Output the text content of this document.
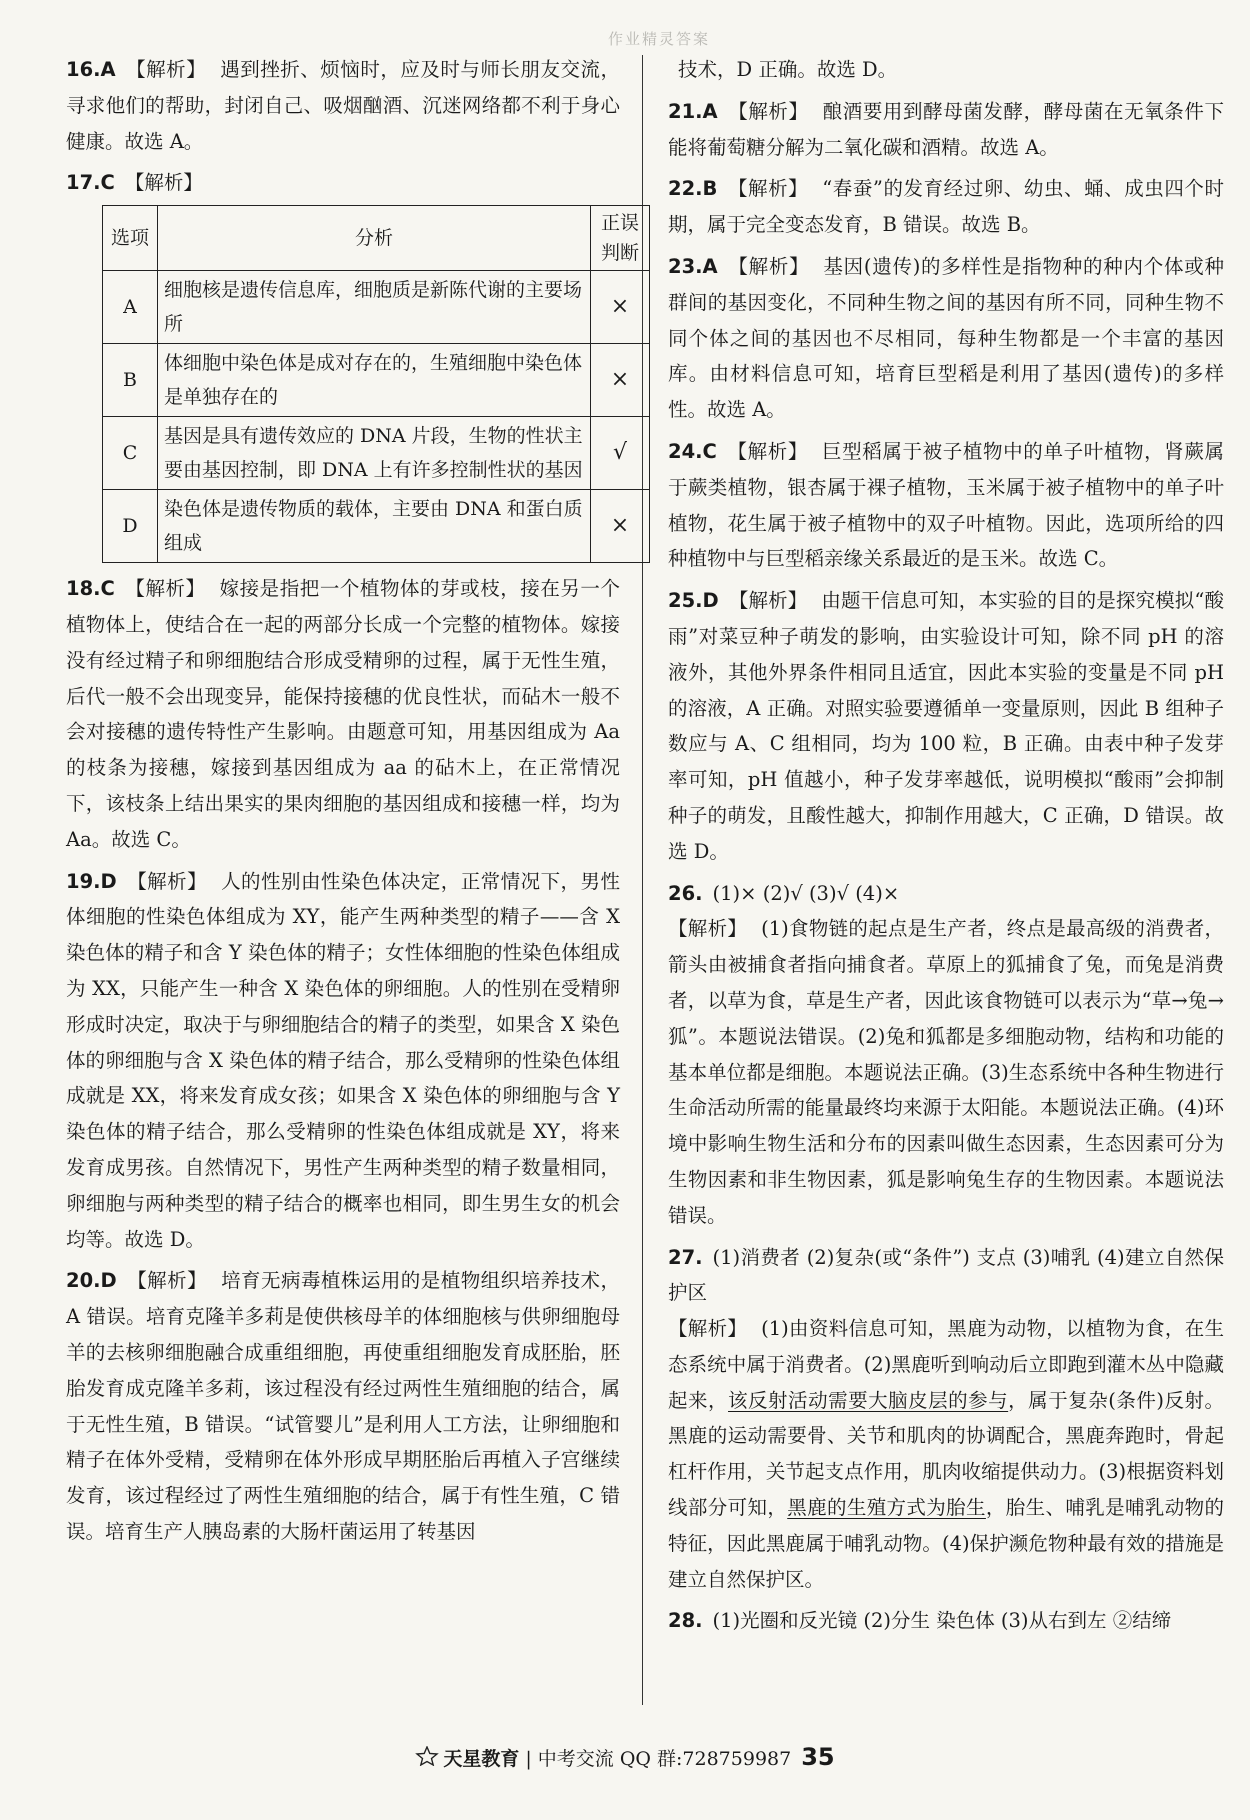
作业精灵答案

16.A 【解析】 遇到挫折、烦恼时，应及时与师长朋友交流，寻求他们的帮助，封闭自己、吸烟酗酒、沉迷网络都不利于身心健康。故选 A。

17.C 【解析】

选项	分析	正误判断
A	细胞核是遗传信息库，细胞质是新陈代谢的主要场所	×
B	体细胞中染色体是成对存在的，生殖细胞中染色体是单独存在的	×
C	基因是具有遗传效应的 DNA 片段，生物的性状主要由基因控制，即 DNA 上有许多控制性状的基因	√
D	染色体是遗传物质的载体，主要由 DNA 和蛋白质组成	×

18.C 【解析】 嫁接是指把一个植物体的芽或枝，接在另一个植物体上，使结合在一起的两部分长成一个完整的植物体。嫁接没有经过精子和卵细胞结合形成受精卵的过程，属于无性生殖，后代一般不会出现变异，能保持接穗的优良性状，而砧木一般不会对接穗的遗传特性产生影响。由题意可知，用基因组成为 Aa 的枝条为接穗，嫁接到基因组成为 aa 的砧木上，在正常情况下，该枝条上结出果实的果肉细胞的基因组成和接穗一样，均为 Aa。故选 C。

19.D 【解析】 人的性别由性染色体决定，正常情况下，男性体细胞的性染色体组成为 XY，能产生两种类型的精子——含 X 染色体的精子和含 Y 染色体的精子；女性体细胞的性染色体组成为 XX，只能产生一种含 X 染色体的卵细胞。人的性别在受精卵形成时决定，取决于与卵细胞结合的精子的类型，如果含 X 染色体的卵细胞与含 X 染色体的精子结合，那么受精卵的性染色体组成就是 XX，将来发育成女孩；如果含 X 染色体的卵细胞与含 Y 染色体的精子结合，那么受精卵的性染色体组成就是 XY，将来发育成男孩。自然情况下，男性产生两种类型的精子数量相同，卵细胞与两种类型的精子结合的概率也相同，即生男生女的机会均等。故选 D。

20.D 【解析】 培育无病毒植株运用的是植物组织培养技术，A 错误。培育克隆羊多莉是使供核母羊的体细胞核与供卵细胞母羊的去核卵细胞融合成重组细胞，再使重组细胞发育成胚胎，胚胎发育成克隆羊多莉，该过程没有经过两性生殖细胞的结合，属于无性生殖，B 错误。“试管婴儿”是利用人工方法，让卵细胞和精子在体外受精，受精卵在体外形成早期胚胎后再植入子宫继续发育，该过程经过了两性生殖细胞的结合，属于有性生殖，C 错误。培育生产人胰岛素的大肠杆菌运用了转基因

技术，D 正确。故选 D。

21.A 【解析】 酿酒要用到酵母菌发酵，酵母菌在无氧条件下能将葡萄糖分解为二氧化碳和酒精。故选 A。

22.B 【解析】 “春蚕”的发育经过卵、幼虫、蛹、成虫四个时期，属于完全变态发育，B 错误。故选 B。

23.A 【解析】 基因(遗传)的多样性是指物种的种内个体或种群间的基因变化，不同种生物之间的基因有所不同，同种生物不同个体之间的基因也不尽相同，每种生物都是一个丰富的基因库。由材料信息可知，培育巨型稻是利用了基因(遗传)的多样性。故选 A。

24.C 【解析】 巨型稻属于被子植物中的单子叶植物，肾蕨属于蕨类植物，银杏属于裸子植物，玉米属于被子植物中的单子叶植物，花生属于被子植物中的双子叶植物。因此，选项所给的四种植物中与巨型稻亲缘关系最近的是玉米。故选 C。

25.D 【解析】 由题干信息可知，本实验的目的是探究模拟“酸雨”对菜豆种子萌发的影响，由实验设计可知，除不同 pH 的溶液外，其他外界条件相同且适宜，因此本实验的变量是不同 pH 的溶液，A 正确。对照实验要遵循单一变量原则，因此 B 组种子数应与 A、C 组相同，均为 100 粒，B 正确。由表中种子发芽率可知，pH 值越小，种子发芽率越低，说明模拟“酸雨”会抑制种子的萌发，且酸性越大，抑制作用越大，C 正确，D 错误。故选 D。

26. (1)× (2)√ (3)√ (4)×

【解析】 (1)食物链的起点是生产者，终点是最高级的消费者，箭头由被捕食者指向捕食者。草原上的狐捕食了兔，而兔是消费者，以草为食，草是生产者，因此该食物链可以表示为“草→兔→狐”。本题说法错误。(2)兔和狐都是多细胞动物，结构和功能的基本单位都是细胞。本题说法正确。(3)生态系统中各种生物进行生命活动所需的能量最终均来源于太阳能。本题说法正确。(4)环境中影响生物生活和分布的因素叫做生态因素，生态因素可分为生物因素和非生物因素，狐是影响兔生存的生物因素。本题说法错误。

27. (1)消费者 (2)复杂(或“条件”) 支点 (3)哺乳 (4)建立自然保护区

【解析】 (1)由资料信息可知，黑鹿为动物，以植物为食，在生态系统中属于消费者。(2)黑鹿听到响动后立即跑到灌木丛中隐藏起来，该反射活动需要大脑皮层的参与，属于复杂(条件)反射。黑鹿的运动需要骨、关节和肌肉的协调配合，黑鹿奔跑时，骨起杠杆作用，关节起支点作用，肌肉收缩提供动力。(3)根据资料划线部分可知，黑鹿的生殖方式为胎生，胎生、哺乳是哺乳动物的特征，因此黑鹿属于哺乳动物。(4)保护濒危物种最有效的措施是建立自然保护区。

28. (1)光圈和反光镜 (2)分生 染色体 (3)从右到左 ②结缔

天星教育 | 中考交流 QQ 群:728759987 35
